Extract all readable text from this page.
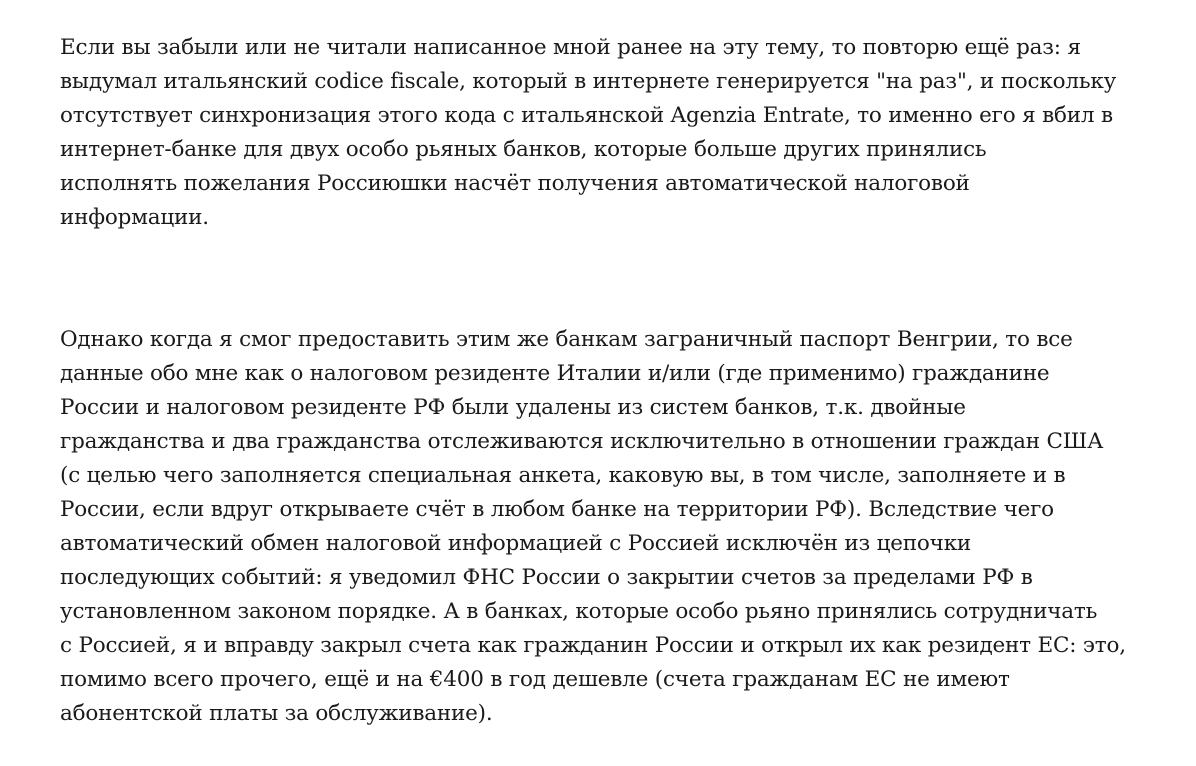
Если вы забыли или не читали написанное мной ранее на эту тему, то повторю ещё раз: я
выдумал итальянский codice fiscale, который в интернете генерируется "на раз", и поскольку
отсутствует синхронизация этого кода с итальянской Agenzia Entrate, то именно его я вбил в
интернет-банке для двух особо рьяных банков, которые больше других принялись
исполнять пожелания Россиюшки насчёт получения автоматической налоговой
информации.
Однако когда я смог предоставить этим же банкам заграничный паспорт Венгрии, то все
данные обо мне как о налоговом резиденте Италии и/или (где применимо) гражданине
России и налоговом резиденте РФ были удалены из систем банков, т.к. двойные
гражданства и два гражданства отслеживаются исключительно в отношении граждан США
(с целью чего заполняется специальная анкета, каковую вы, в том числе, заполняете и в
России, если вдруг открываете счёт в любом банке на территории РФ). Вследствие чего
автоматический обмен налоговой информацией с Россией исключён из цепочки
последующих событий: я уведомил ФНС России о закрытии счетов за пределами РФ в
установленном законом порядке. А в банках, которые особо рьяно принялись сотрудничать
с Россией, я и вправду закрыл счета как гражданин России и открыл их как резидент ЕС: это,
помимо всего прочего, ещё и на €400 в год дешевле (счета гражданам ЕС не имеют
абонентской платы за обслуживание).
